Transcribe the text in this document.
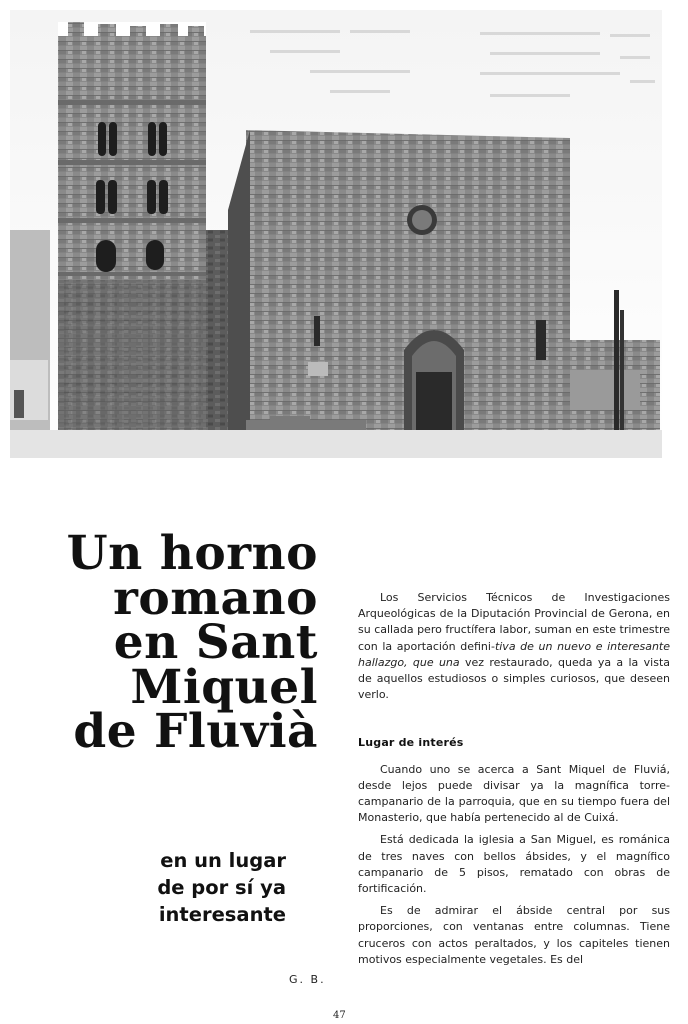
Un horno
romano
en Sant
Miquel
de Fluvià
en un lugar
de por sí ya
interesante
G. B.

Los Servicios Técnicos de Investigaciones Arqueológicas de la Diputación Provincial de Gerona, en su callada pero fructífera labor, suman en este trimestre con la aportación defini-tiva de un nuevo e interesante hallazgo, que una vez restaurado, queda ya a la vista de aquellos estudiosos o simples curiosos, que deseen verlo.

Lugar de interés

Cuando uno se acerca a Sant Miquel de Fluviá, desde lejos puede divisar ya la magnífica torre-campanario de la parroquia, que en su tiempo fuera del Monasterio, que había pertenecido al de Cuixá.

Está dedicada la iglesia a San Miguel, es románica de tres naves con bellos ábsides, y el magnífico campanario de 5 pisos, rematado con obras de fortificación.

Es de admirar el ábside central por sus proporciones, con ventanas entre columnas. Tiene cruceros con actos peraltados, y los capiteles tienen motivos especialmente vegetales. Es del

47
